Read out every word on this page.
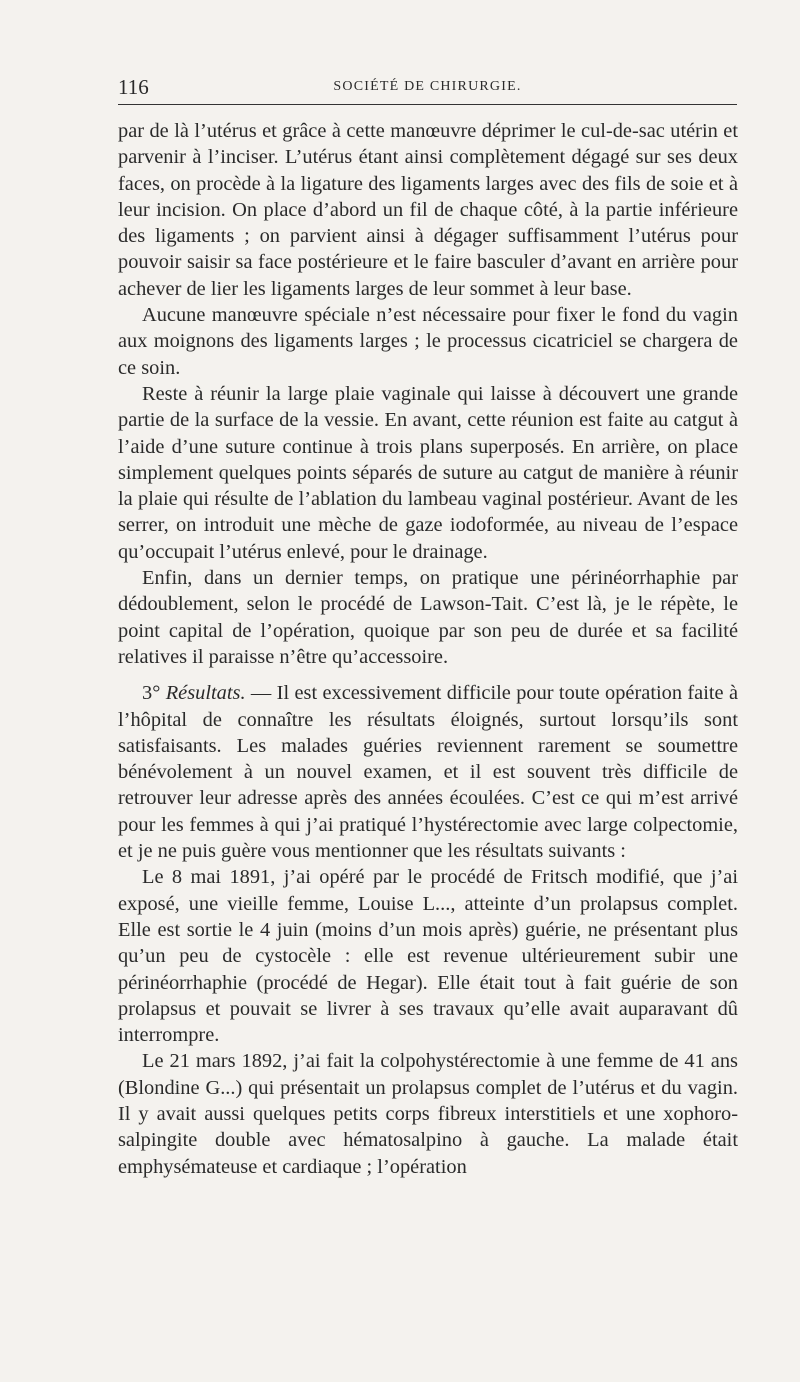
116	SOCIÉTÉ DE CHIRURGIE.

par de là l’utérus et grâce à cette manœuvre déprimer le cul-de-sac utérin et parvenir à l’inciser. L’utérus étant ainsi complètement dégagé sur ses deux faces, on procède à la ligature des ligaments larges avec des fils de soie et à leur incision. On place d’abord un fil de chaque côté, à la partie inférieure des ligaments ; on parvient ainsi à dégager suffisamment l’utérus pour pouvoir saisir sa face postérieure et le faire basculer d’avant en arrière pour achever de lier les ligaments larges de leur sommet à leur base.

Aucune manœuvre spéciale n’est nécessaire pour fixer le fond du vagin aux moignons des ligaments larges ; le processus cicatriciel se chargera de ce soin.

Reste à réunir la large plaie vaginale qui laisse à découvert une grande partie de la surface de la vessie. En avant, cette réunion est faite au catgut à l’aide d’une suture continue à trois plans superposés. En arrière, on place simplement quelques points séparés de suture au catgut de manière à réunir la plaie qui résulte de l’ablation du lambeau vaginal postérieur. Avant de les serrer, on introduit une mèche de gaze iodoformée, au niveau de l’espace qu’occupait l’utérus enlevé, pour le drainage.

Enfin, dans un dernier temps, on pratique une périnéorrhaphie par dédoublement, selon le procédé de Lawson-Tait. C’est là, je le répète, le point capital de l’opération, quoique par son peu de durée et sa facilité relatives il paraisse n’être qu’accessoire.

3° Résultats. — Il est excessivement difficile pour toute opération faite à l’hôpital de connaître les résultats éloignés, surtout lorsqu’ils sont satisfaisants. Les malades guéries reviennent rarement se soumettre bénévolement à un nouvel examen, et il est souvent très difficile de retrouver leur adresse après des années écoulées. C’est ce qui m’est arrivé pour les femmes à qui j’ai pratiqué l’hystérectomie avec large colpectomie, et je ne puis guère vous mentionner que les résultats suivants :

Le 8 mai 1891, j’ai opéré par le procédé de Fritsch modifié, que j’ai exposé, une vieille femme, Louise L..., atteinte d’un prolapsus complet. Elle est sortie le 4 juin (moins d’un mois après) guérie, ne présentant plus qu’un peu de cystocèle : elle est revenue ultérieurement subir une périnéorrhaphie (procédé de Hegar). Elle était tout à fait guérie de son prolapsus et pouvait se livrer à ses travaux qu’elle avait auparavant dû interrompre.

Le 21 mars 1892, j’ai fait la colpohystérectomie à une femme de 41 ans (Blondine G...) qui présentait un prolapsus complet de l’utérus et du vagin. Il y avait aussi quelques petits corps fibreux interstitiels et une xophoro-salpingite double avec hématosalpino à gauche. La malade était emphysémateuse et cardiaque ; l’opération
